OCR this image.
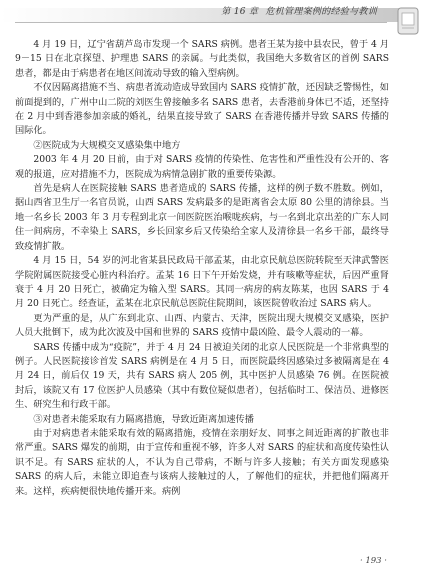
第 16 章 危机管理案例的经验与教训

4 月 19 日，辽宁省葫芦岛市发现一个 SARS 病例。患者王某为接中县农民，曾于 4 月 9－15 日在北京探望、护理患 SARS 的亲属。与此类似，我国绝大多数省区的首例 SARS 患者，都是由于病患者在地区间流动导致的输入型病例。

不仅因隔离措施不当、病患者流动造成导致国内 SARS 疫情扩散，还因缺乏警惕性，如前面提到的，广州中山二院的刘医生曾接触多名 SARS 患者，去香港前身体已不适，还坚持在 2 月中到香港参加亲戚的婚礼，结果直接导致了 SARS 在香港传播并导致 SARS 传播的国际化。

②医院成为大规模交叉感染集中地方

2003 年 4 月 20 日前，由于对 SARS 疫情的传染性、危害性和严重性没有公开的、客观的报道，应对措施不力，医院成为病情急剧扩散的重要传染源。

首先是病人在医院接触 SARS 患者造成的 SARS 传播，这样的例子数不胜数。例如，据山西省卫生厅一名官员说，山西 SARS 发病最多的是距离省会太原 80 公里的清徐县。当地一名乡长 2003 年 3 月专程到北京一间医院医治喉咙疾病，与一名到北京出差的广东人同住一间病房，不幸染上 SARS，乡长回家乡后又传染给全家人及清徐县一名乡干部，最终导致疫情扩散。

4 月 15 日，54 岁的河北省某县民政局干部孟某，由北京民航总医院转院至天津武警医学院附属医院接受心脏内科治疗。孟某 16 日下午开始发烧，并有咳嗽等症状，后因严重肾衰于 4 月 20 日死亡，被确定为输入型 SARS。其同一病房的病友陈某，也因 SARS 于 4 月 20 日死亡。经查证，孟某在北京民航总医院住院期间，该医院曾收治过 SARS 病人。

更为严重的是，从广东到北京、山西、内蒙古、天津，医院出现大规模交叉感染，医护人员大批倒下，成为此次波及中国和世界的 SARS 疫情中最凶险、最令人震动的一幕。

SARS 传播中成为“疫院”，并于 4 月 24 日被迫关闭的北京人民医院是一个非常典型的例子。人民医院接诊首发 SARS 病例是在 4 月 5 日，而医院最终因感染过多被隔离是在 4 月 24 日，前后仅 19 天，共有 SARS 病人 205 例，其中医护人员感染 76 例。在医院被封后，该院又有 17 位医护人员感染（其中有数位疑似患者），包括临时工、保洁员、进修医生、研究生和行政干部。

③对患者未能采取有力隔离措施，导致近距离加速传播

由于对病患者未能采取有效的隔离措施，疫情在亲朋好友、同事之间近距离的扩散也非常严重。SARS 爆发的前期，由于宣传和重视不够，许多人对 SARS 的症状和高度传染性认识不足。有 SARS 症状的人，不认为自己带病，不断与许多人接触；有关方面发现感染 SARS 的病人后，未能立即追查与该病人接触过的人，了解他们的症状，并把他们隔离开来。这样，疾病便很快地传播开来。病例

· 193 ·
